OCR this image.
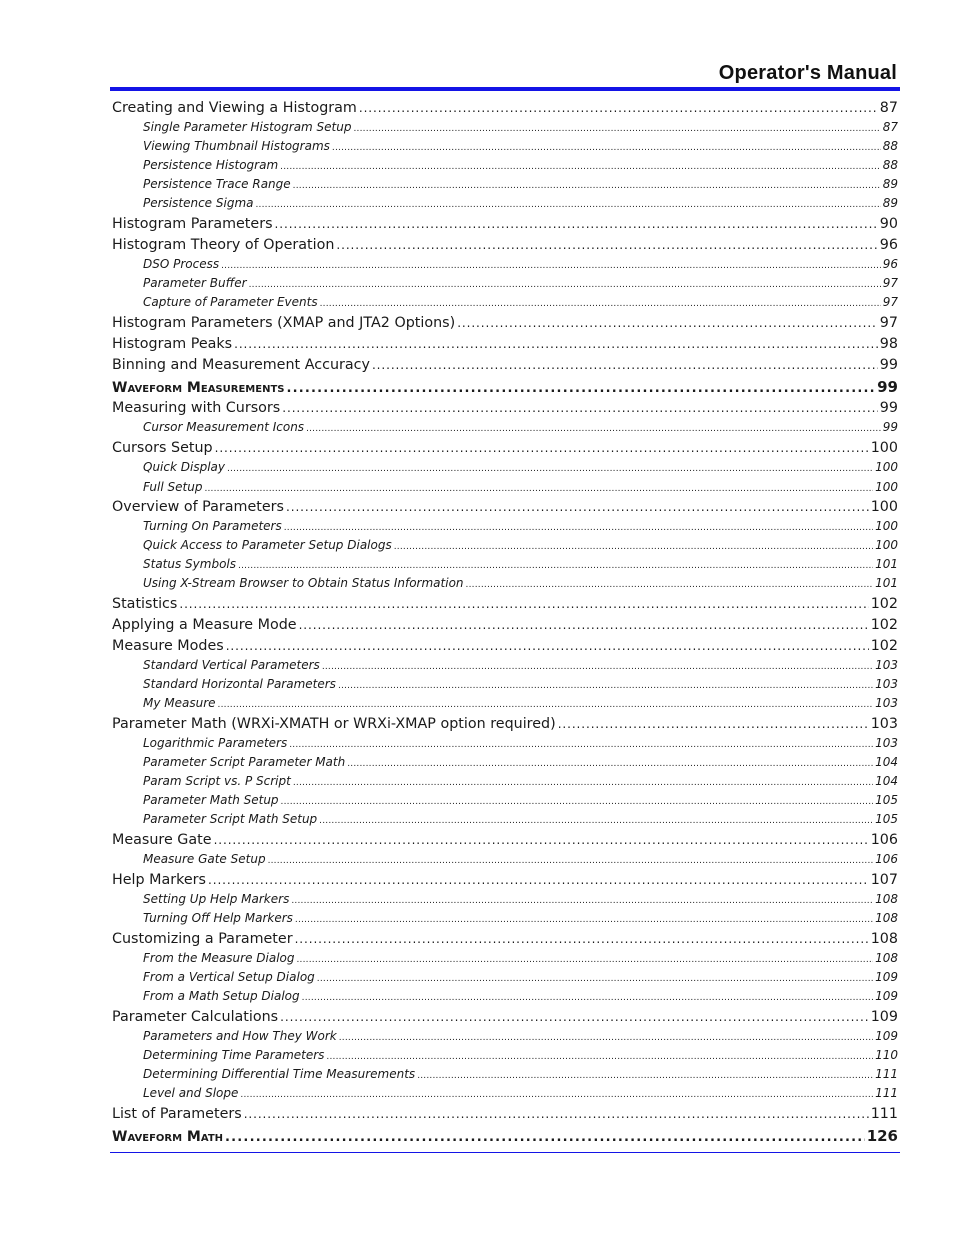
Operator's Manual
Creating and Viewing a Histogram .....	87
Single Parameter Histogram Setup .....	87
Viewing Thumbnail Histograms .....	88
Persistence Histogram .....	88
Persistence Trace Range .....	89
Persistence Sigma .....	89
Histogram Parameters .....	90
Histogram Theory of Operation .....	96
DSO Process .....	96
Parameter Buffer .....	97
Capture of Parameter Events .....	97
Histogram Parameters (XMAP and JTA2 Options) .....	97
Histogram Peaks .....	98
Binning and Measurement Accuracy .....	99
Waveform Measurements .....	99
Measuring with Cursors .....	99
Cursor Measurement Icons .....	99
Cursors Setup .....	100
Quick Display .....	100
Full Setup .....	100
Overview of Parameters .....	100
Turning On Parameters .....	100
Quick Access to Parameter Setup Dialogs .....	100
Status Symbols .....	101
Using X-Stream Browser to Obtain Status Information .....	101
Statistics .....	102
Applying a Measure Mode .....	102
Measure Modes .....	102
Standard Vertical Parameters .....	103
Standard Horizontal Parameters .....	103
My Measure .....	103
Parameter Math (WRXi-XMATH or WRXi-XMAP option required) .....	103
Logarithmic Parameters .....	103
Parameter Script Parameter Math .....	104
Param Script vs. P Script .....	104
Parameter Math Setup .....	105
Parameter Script Math Setup .....	105
Measure Gate .....	106
Measure Gate Setup .....	106
Help Markers .....	107
Setting Up Help Markers .....	108
Turning Off Help Markers .....	108
Customizing a Parameter .....	108
From the Measure Dialog .....	108
From a Vertical Setup Dialog .....	109
From a Math Setup Dialog .....	109
Parameter Calculations .....	109
Parameters and How They Work .....	109
Determining Time Parameters .....	110
Determining Differential Time Measurements .....	111
Level and Slope .....	111
List of Parameters .....	111
Waveform Math .....	126
